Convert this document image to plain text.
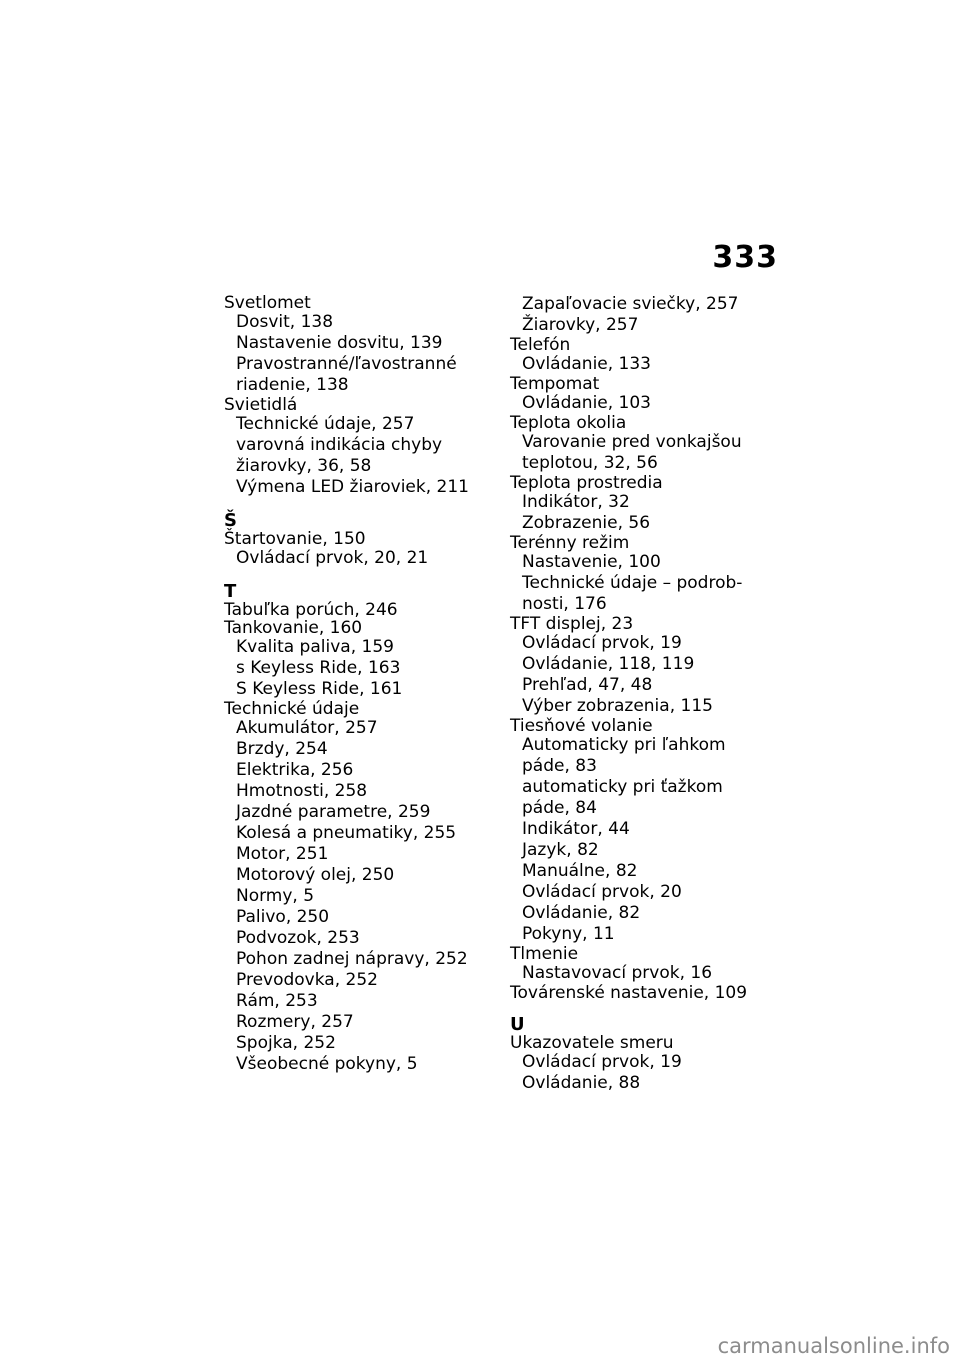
333
Svetlomet
Dosvit, 138
Nastavenie dosvitu, 139
Pravostranné/ľavostranné
riadenie, 138
Svietidlá
Technické údaje, 257
varovná indikácia chyby
žiarovky, 36, 58
Výmena LED žiaroviek, 211
Š
Štartovanie, 150
Ovládací prvok, 20, 21
T
Tabuľka porúch, 246
Tankovanie, 160
Kvalita paliva, 159
s Keyless Ride, 163
S Keyless Ride, 161
Technické údaje
Akumulátor, 257
Brzdy, 254
Elektrika, 256
Hmotnosti, 258
Jazdné parametre, 259
Kolesá a pneumatiky, 255
Motor, 251
Motorový olej, 250
Normy, 5
Palivo, 250
Podvozok, 253
Pohon zadnej nápravy, 252
Prevodovka, 252
Rám, 253
Rozmery, 257
Spojka, 252
Všeobecné pokyny, 5
Zapaľovacie sviečky, 257
Žiarovky, 257
Telefón
Ovládanie, 133
Tempomat
Ovládanie, 103
Teplota okolia
Varovanie pred vonkajšou
teplotou, 32, 56
Teplota prostredia
Indikátor, 32
Zobrazenie, 56
Terénny režim
Nastavenie, 100
Technické údaje – podrob-
nosti, 176
TFT displej, 23
Ovládací prvok, 19
Ovládanie, 118, 119
Prehľad, 47, 48
Výber zobrazenia, 115
Tiesňové volanie
Automaticky pri ľahkom
páde, 83
automaticky pri ťažkom
páde, 84
Indikátor, 44
Jazyk, 82
Manuálne, 82
Ovládací prvok, 20
Ovládanie, 82
Pokyny, 11
Tlmenie
Nastavovací prvok, 16
Továrenské nastavenie, 109
U
Ukazovatele smeru
Ovládací prvok, 19
Ovládanie, 88
carmanualsonline.info
